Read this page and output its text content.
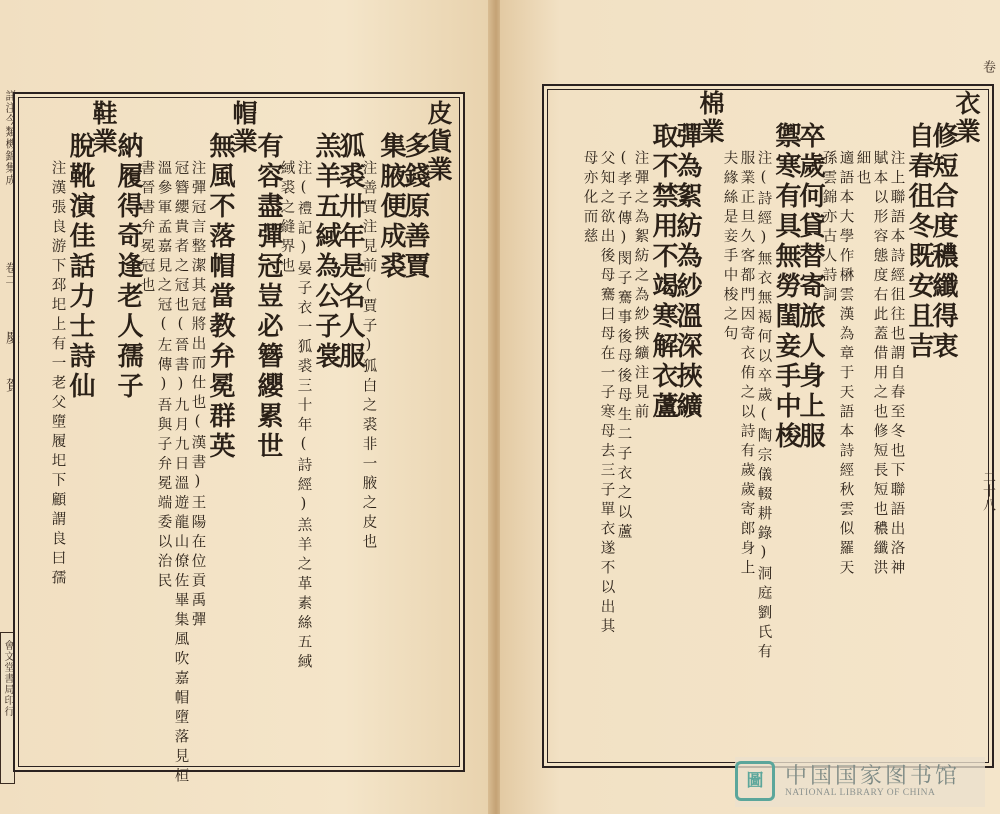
詳注今類機錦集成
卷二
慶
賀
會文堂書局印行
皮貨業
多錢原善賈
集腋便成裘
注善賈注見前(賈子)狐白之裘非一腋之皮也
狐裘卅年是名人服
羔羊五緎為公子裳
注(禮記)晏子衣一狐裘三十年(詩經)羔羊之革素絲五緎
緎裘之縫界也
有容盡彈冠豈必簪纓累世
帽業
無風不落帽當教弁冕群英
注彈冠言整潔其冠將出而仕也(漢書)王陽在位貢禹彈
冠簪纓貴者之冠也(晉書)九月九日溫遊龍山僚佐畢集風吹嘉帽墮落見桓
溫參軍孟嘉見之冠(左傳)吾與子弁冕端委以治民
書晉書弁冕冠也
納履得奇逢老人孺子
鞋業
脫靴演佳話力士詩仙
注漢張良游下邳圯上有一老父墮履圯下顧謂良曰孺
卷
二十八
衣業
修短合度穠纖得衷
自春徂冬既安且吉
注上聯語本詩經徂往也謂自春至冬也下聯語出洛神
賦本以形容態度右此蓋借用之也修短長短也穠纖洪
細也
適語本大學作楙雲漢為章于天語本詩經秋雲似羅天
孫雲錦亦古人詩詞
卒歲何貸替寄旅人身上服
禦寒有具無勞閨妾手中梭
注(詩經)無衣無褐何以卒歲(陶宗儀輟耕錄)洞庭劉氏有
服業正旦久客都門因寄衣侑之以詩有歲歲寄郎身上
夫緣絲是妾手中梭之句
棉業
彈為絮紡為紗溫深挾纊
取不禁用不竭寒解衣蘆
注彈之為絮紡之為紗挾纊注見前
(孝子傳)閔子騫事後母後母生二子衣之以蘆
父知之欲出後母騫曰母在一子寒母去三子單衣遂不以出其
母亦化而慈
圖 中国国家图书馆
NATIONAL LIBRARY OF CHINA
